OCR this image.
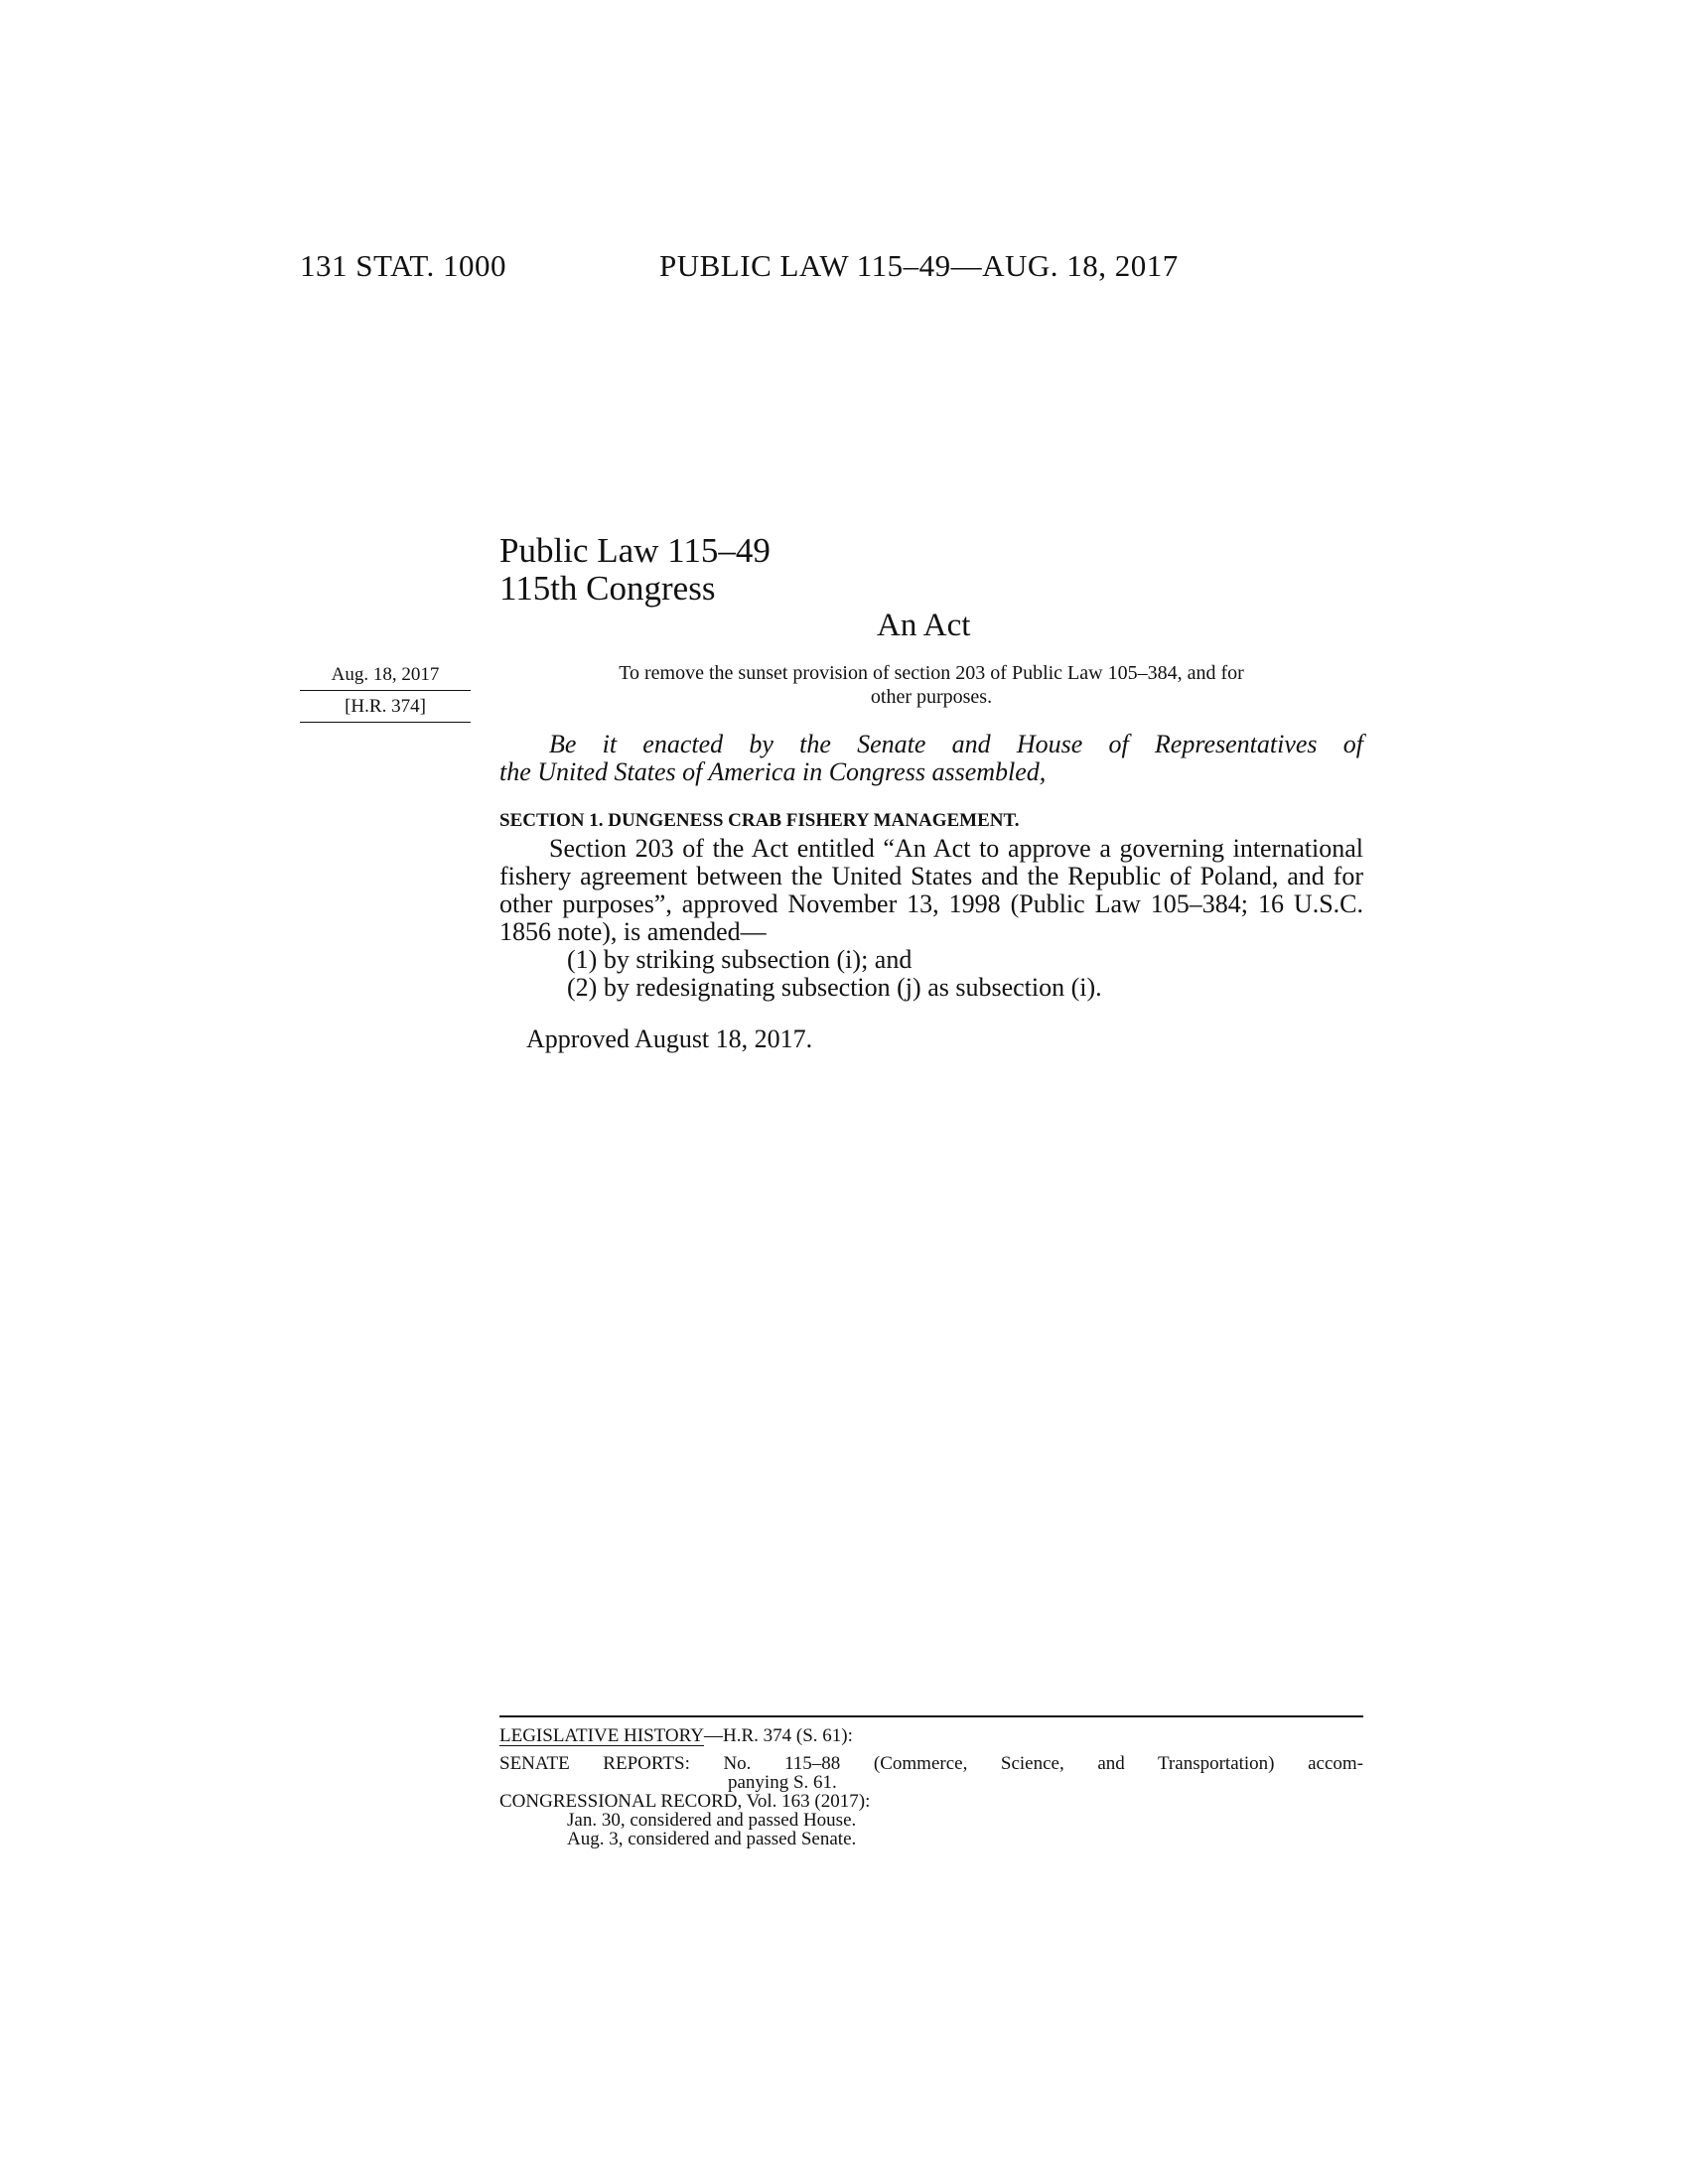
131 STAT. 1000	PUBLIC LAW 115–49—AUG. 18, 2017
Public Law 115–49
115th Congress
An Act
Aug. 18, 2017
[H.R. 374]
To remove the sunset provision of section 203 of Public Law 105–384, and for
other purposes.
Be it enacted by the Senate and House of Representatives of
the United States of America in Congress assembled,
SECTION 1. DUNGENESS CRAB FISHERY MANAGEMENT.
Section 203 of the Act entitled “An Act to approve a governing international fishery agreement between the United States and the Republic of Poland, and for other purposes”, approved November 13, 1998 (Public Law 105–384; 16 U.S.C. 1856 note), is amended—
(1) by striking subsection (i); and
(2) by redesignating subsection (j) as subsection (i).
Approved August 18, 2017.
LEGISLATIVE HISTORY—H.R. 374 (S. 61):
SENATE REPORTS: No. 115–88 (Commerce, Science, and Transportation) accom-
panying S. 61.
CONGRESSIONAL RECORD, Vol. 163 (2017):
Jan. 30, considered and passed House.
Aug. 3, considered and passed Senate.
